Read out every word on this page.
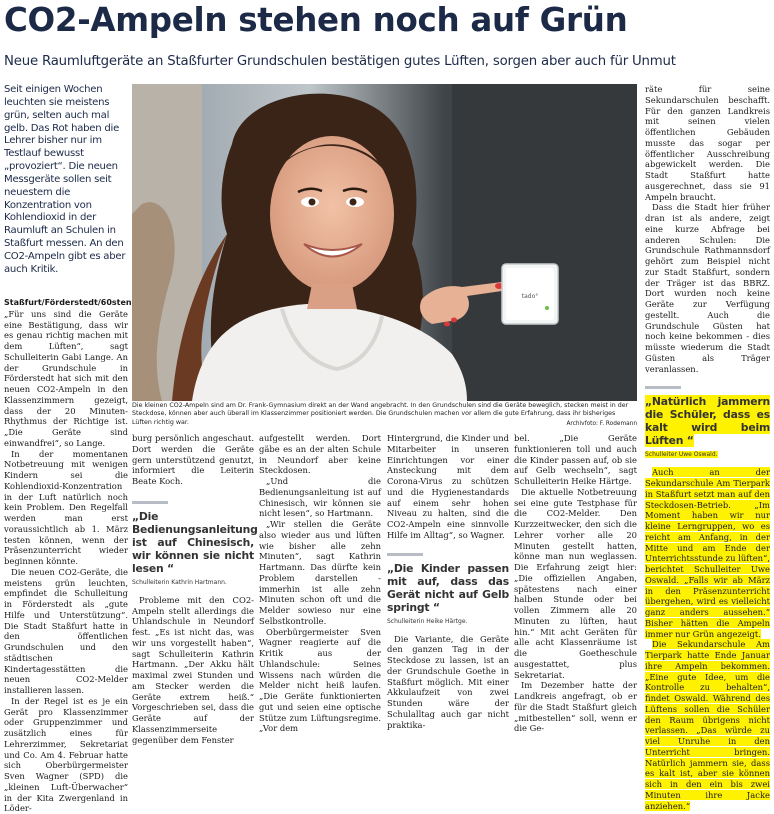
CO2-Ampeln stehen noch auf Grün
Neue Raumluftgeräte an Staßfurter Grundschulen bestätigen gutes Lüften, sorgen aber auch für Unmut
Seit einigen Wochen leuchten sie meistens grün, selten auch mal gelb. Das Rot haben die Lehrer bisher nur im Testlauf bewusst „provoziert“. Die neuen Messgeräte sollen seit neuestem die Konzentration von Kohlendioxid in der Raumluft an Schulen in Staßfurt messen. An den CO2-Ampeln gibt es aber auch Kritik.

Staßfurt/Förderstedt/60sten

„Für uns sind die Geräte eine Bestätigung, dass wir es genau richtig machen mit dem Lüften“, sagt Schulleiterin Gabi Lange. An der Grundschule in Förderstedt hat sich mit den neuen CO2-Ampeln in den Klassenzimmern gezeigt, dass der 20 Minuten-Rhythmus der Richtige ist. „Die Geräte sind einwandfrei“, so Lange.

In der momentanen Notbetreuung mit wenigen Kindern sei die Kohlendioxid-Konzentration in der Luft natürlich noch kein Problem. Den Regelfall werden man erst voraussichtlich ab 1. März testen können, wenn der Präsenzunterricht wieder beginnen könnte.

Die neuen CO2-Geräte, die meistens grün leuchten, empfindet die Schulleitung in Förderstedt als „gute Hilfe und Unterstützung“. Die Stadt Staßfurt hatte in den öffentlichen Grundschulen und den städtischen Kindertagesstätten die neuen CO2-Melder installieren lassen.

In der Regel ist es je ein Gerät pro Klassenzimmer oder Gruppenzimmer und zusätzlich eines für Lehrerzimmer, Sekretariat und Co. Am 4. Februar hatte sich Oberbürgermeister Sven Wagner (SPD) die „kleinen Luft-Überwacher“ in der Kita Zwergenland in Löder-

tado°
Die kleinen CO2-Ampeln sind am Dr. Frank-Gymnasium direkt an der Wand angebracht. In den Grundschulen sind die Geräte beweglich, stecken meist in der Steckdose, können aber auch überall im Klassenzimmer positioniert werden. Die Grundschulen machen vor allem die gute Erfahrung, dass ihr bisheriges Lüften richtig war.	Archivfoto: F. Rodemann

burg persönlich angeschaut. Dort werden die Geräte gern unterstützend genutzt, informiert die Leiterin Beate Koch.

„Die Bedienungsanleitung ist auf Chinesisch, wir können sie nicht lesen “
Schulleiterin Kathrin Hartmann.

Probleme mit den CO2-Ampeln stellt allerdings die Uhlandschule in Neundorf fest. „Es ist nicht das, was wir uns vorgestellt haben“, sagt Schulleiterin Kathrin Hartmann. „Der Akku hält maximal zwei Stunden und am Stecker werden die Geräte extrem heiß.“ Vorgeschrieben sei, dass die Geräte auf der Klassenzimmerseite gegenüber dem Fenster

aufgestellt werden. Dort gäbe es an der alten Schule in Neundorf aber keine Steckdosen.

„Und die Bedienungsanleitung ist auf Chinesisch, wir können sie nicht lesen“, so Hartmann.

„Wir stellen die Geräte also wieder aus und lüften wie bisher alle zehn Minuten“, sagt Kathrin Hartmann. Das dürfte kein Problem darstellen - immerhin ist alle zehn Minuten schon oft und die Melder sowieso nur eine Selbstkontrolle.

Oberbürgermeister Sven Wagner reagierte auf die Kritik aus der Uhlandschule: Seines Wissens nach würden die Melder nicht heiß laufen. „Die Geräte funktionierten gut und seien eine optische Stütze zum Lüftungsregime. „Vor dem

Hintergrund, die Kinder und Mitarbeiter in unseren Einrichtungen vor einer Ansteckung mit dem Corona-Virus zu schützen und die Hygienestandards auf einem sehr hohen Niveau zu halten, sind die CO2-Ampeln eine sinnvolle Hilfe im Alltag“, so Wagner.

„Die Kinder passen mit auf, dass das Gerät nicht auf Gelb springt “
Schulleiterin Heike Härtge.

Die Variante, die Geräte den ganzen Tag in der Steckdose zu lassen, ist an der Grundschule Goethe in Staßfurt möglich. Mit einer Akkulaufzeit von zwei Stunden wäre der Schulalltag auch gar nicht praktika-

bel. „Die Geräte funktionieren toll und auch die Kinder passen auf, ob sie auf Gelb wechseln“, sagt Schulleiterin Heike Härtge.

Die aktuelle Notbetreuung sei eine gute Testphase für die CO2-Melder. Den Kurzzeitwecker, den sich die Lehrer vorher alle 20 Minuten gestellt hatten, könne man nun weglassen. Die Erfahrung zeigt hier: „Die offiziellen Angaben, spätestens nach einer halben Stunde oder bei vollen Zimmern alle 20 Minuten zu lüften, haut hin.“ Mit acht Geräten für alle acht Klassenräume ist die Goetheschule ausgestattet, plus Sekretariat.

Im Dezember hatte der Landkreis angefragt, ob er für die Stadt Staßfurt gleich „mitbestellen“ soll, wenn er die Ge-

räte für seine Sekundarschulen beschafft. Für den ganzen Landkreis mit seinen vielen öffentlichen Gebäuden musste das sogar per öffentlicher Ausschreibung abgewickelt werden. Die Stadt Staßfurt hatte ausgerechnet, dass sie 91 Ampeln braucht.

Dass die Stadt hier früher dran ist als andere, zeigt eine kurze Abfrage bei anderen Schulen: Die Grundschule Rathmannsdorf gehört zum Beispiel nicht zur Stadt Staßfurt, sondern der Träger ist das BBRZ. Dort wurden noch keine Geräte zur Verfügung gestellt. Auch die Grundschule Güsten hat noch keine bekommen - dies müsste wiederum die Stadt Güsten als Träger veranlassen.

„Natürlich jammern die Schüler, dass es kalt wird beim Lüften “
Schulleiter Uwe Oswald.

Auch an der Sekundarschule Am Tierpark in Staßfurt setzt man auf den Steckdosen-Betrieb. „Im Moment haben wir nur kleine Lerngruppen, wo es reicht am Anfang, in der Mitte und am Ende der Unterrichtsstunde zu lüften“, berichtet Schulleiter Uwe Oswald. „Falls wir ab März in den Präsenzunterricht übergehen, wird es vielleicht ganz anders aussehen.“ Bisher hätten die Ampeln immer nur Grün angezeigt.

Die Sekundarschule Am Tierpark hatte Ende Januar ihre Ampeln bekommen. „Eine gute Idee, um die Kontrolle zu behalten“, findet Oswald. Während des Lüftens sollen die Schüler den Raum übrigens nicht verlassen. „Das würde zu viel Unruhe in den Unterricht bringen. Natürlich jammern sie, dass es kalt ist, aber sie können sich in den ein bis zwei Minuten ihre Jacke anziehen.“
